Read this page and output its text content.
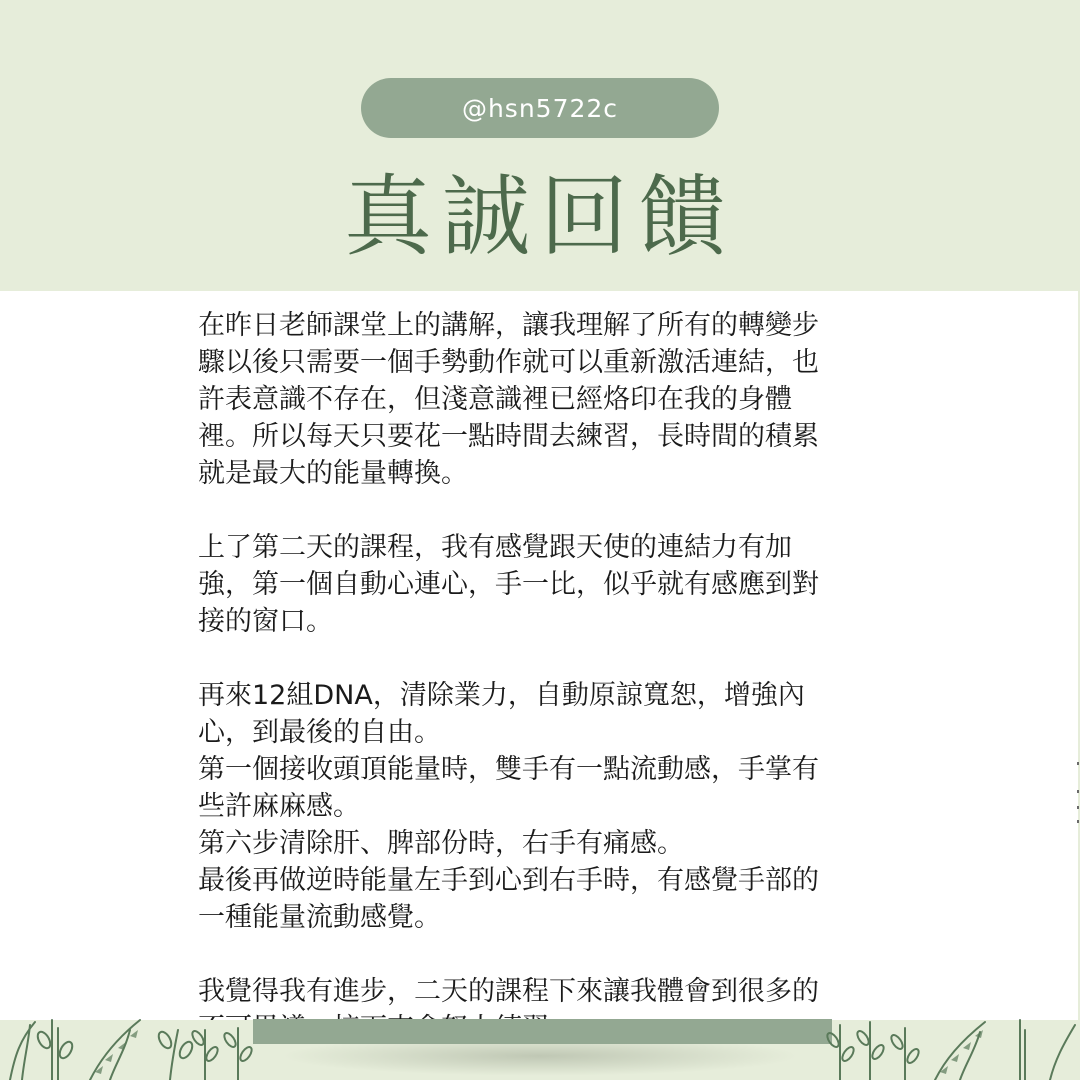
@hsn5722c
真誠回饋
在昨日老師課堂上的講解，讓我理解了所有的轉變步
驟以後只需要一個手勢動作就可以重新激活連結，也
許表意識不存在，但淺意識裡已經烙印在我的身體
裡。所以每天只要花一點時間去練習，長時間的積累
就是最大的能量轉換。
上了第二天的課程，我有感覺跟天使的連結力有加
強，第一個自動心連心，手一比，似乎就有感應到對
接的窗口。
再來12組DNA，清除業力，自動原諒寬恕，增強內
心，到最後的自由。
第一個接收頭頂能量時，雙手有一點流動感，手掌有
些許麻麻感。
第六步清除肝、脾部份時，右手有痛感。
最後再做逆時能量左手到心到右手時，有感覺手部的
一種能量流動感覺。
我覺得我有進步，二天的課程下來讓我體會到很多的
